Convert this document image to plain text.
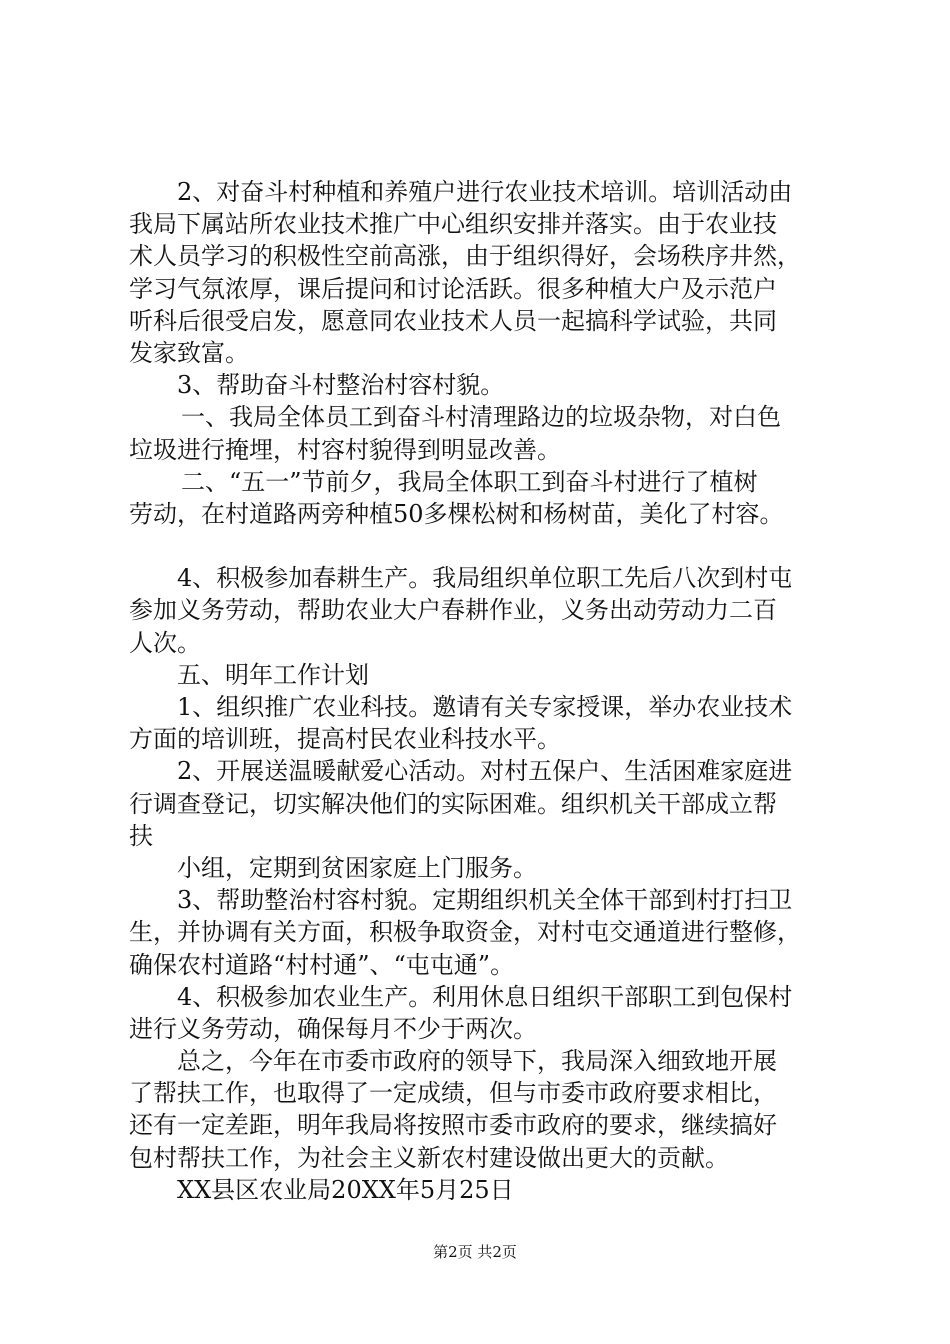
2、对奋斗村种植和养殖户进行农业技术培训。培训活动由
我局下属站所农业技术推广中心组织安排并落实。由于农业技
术人员学习的积极性空前高涨，由于组织得好，会场秩序井然，
学习气氛浓厚，课后提问和讨论活跃。很多种植大户及示范户
听科后很受启发，愿意同农业技术人员一起搞科学试验，共同
发家致富。
3、帮助奋斗村整治村容村貌。
一、我局全体员工到奋斗村清理路边的垃圾杂物，对白色
垃圾进行掩埋，村容村貌得到明显改善。
二、“五一”节前夕，我局全体职工到奋斗村进行了植树
劳动，在村道路两旁种植50多棵松树和杨树苗，美化了村容。
4、积极参加春耕生产。我局组织单位职工先后八次到村屯
参加义务劳动，帮助农业大户春耕作业，义务出动劳动力二百
人次。
五、明年工作计划
1、组织推广农业科技。邀请有关专家授课，举办农业技术
方面的培训班，提高村民农业科技水平。
2、开展送温暖献爱心活动。对村五保户、生活困难家庭进
行调查登记，切实解决他们的实际困难。组织机关干部成立帮
扶
小组，定期到贫困家庭上门服务。
3、帮助整治村容村貌。定期组织机关全体干部到村打扫卫
生，并协调有关方面，积极争取资金，对村屯交通道进行整修，
确保农村道路“村村通”、“屯屯通”。
4、积极参加农业生产。利用休息日组织干部职工到包保村
进行义务劳动，确保每月不少于两次。
总之，今年在市委市政府的领导下，我局深入细致地开展
了帮扶工作，也取得了一定成绩，但与市委市政府要求相比，
还有一定差距，明年我局将按照市委市政府的要求，继续搞好
包村帮扶工作，为社会主义新农村建设做出更大的贡献。
XX县区农业局20XX年5月25日
第2页 共2页
